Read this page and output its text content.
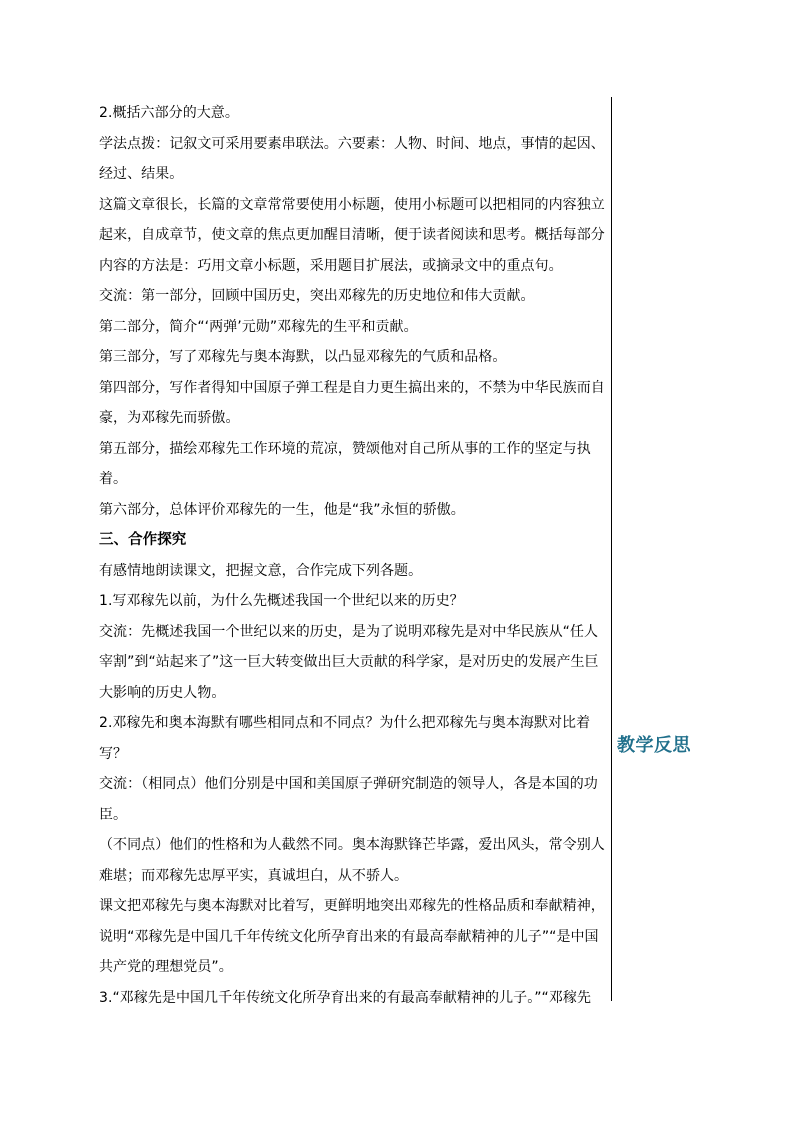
2.概括六部分的大意。

学法点拨：记叙文可采用要素串联法。六要素：人物、时间、地点，事情的起因、经过、结果。

这篇文章很长，长篇的文章常常要使用小标题，使用小标题可以把相同的内容独立起来，自成章节，使文章的焦点更加醒目清晰，便于读者阅读和思考。概括每部分内容的方法是：巧用文章小标题，采用题目扩展法，或摘录文中的重点句。

交流：第一部分，回顾中国历史，突出邓稼先的历史地位和伟大贡献。

第二部分，简介“‘两弹’元勋”邓稼先的生平和贡献。

第三部分，写了邓稼先与奥本海默，以凸显邓稼先的气质和品格。

第四部分，写作者得知中国原子弹工程是自力更生搞出来的，不禁为中华民族而自豪，为邓稼先而骄傲。

第五部分，描绘邓稼先工作环境的荒凉，赞颂他对自己所从事的工作的坚定与执着。

第六部分，总体评价邓稼先的一生，他是“我”永恒的骄傲。

三、合作探究

有感情地朗读课文，把握文意，合作完成下列各题。

1.写邓稼先以前，为什么先概述我国一个世纪以来的历史？

交流：先概述我国一个世纪以来的历史，是为了说明邓稼先是对中华民族从“任人宰割”到“站起来了”这一巨大转变做出巨大贡献的科学家，是对历史的发展产生巨大影响的历史人物。

2.邓稼先和奥本海默有哪些相同点和不同点？为什么把邓稼先与奥本海默对比着写？

交流：（相同点）他们分别是中国和美国原子弹研究制造的领导人，各是本国的功臣。

（不同点）他们的性格和为人截然不同。奥本海默锋芒毕露，爱出风头，常令别人难堪；而邓稼先忠厚平实，真诚坦白，从不骄人。

课文把邓稼先与奥本海默对比着写，更鲜明地突出邓稼先的性格品质和奉献精神，说明“邓稼先是中国几千年传统文化所孕育出来的有最高奉献精神的儿子”“是中国共产党的理想党员”。

3.“邓稼先是中国几千年传统文化所孕育出来的有最高奉献精神的儿子。”“邓稼先

教学反思
